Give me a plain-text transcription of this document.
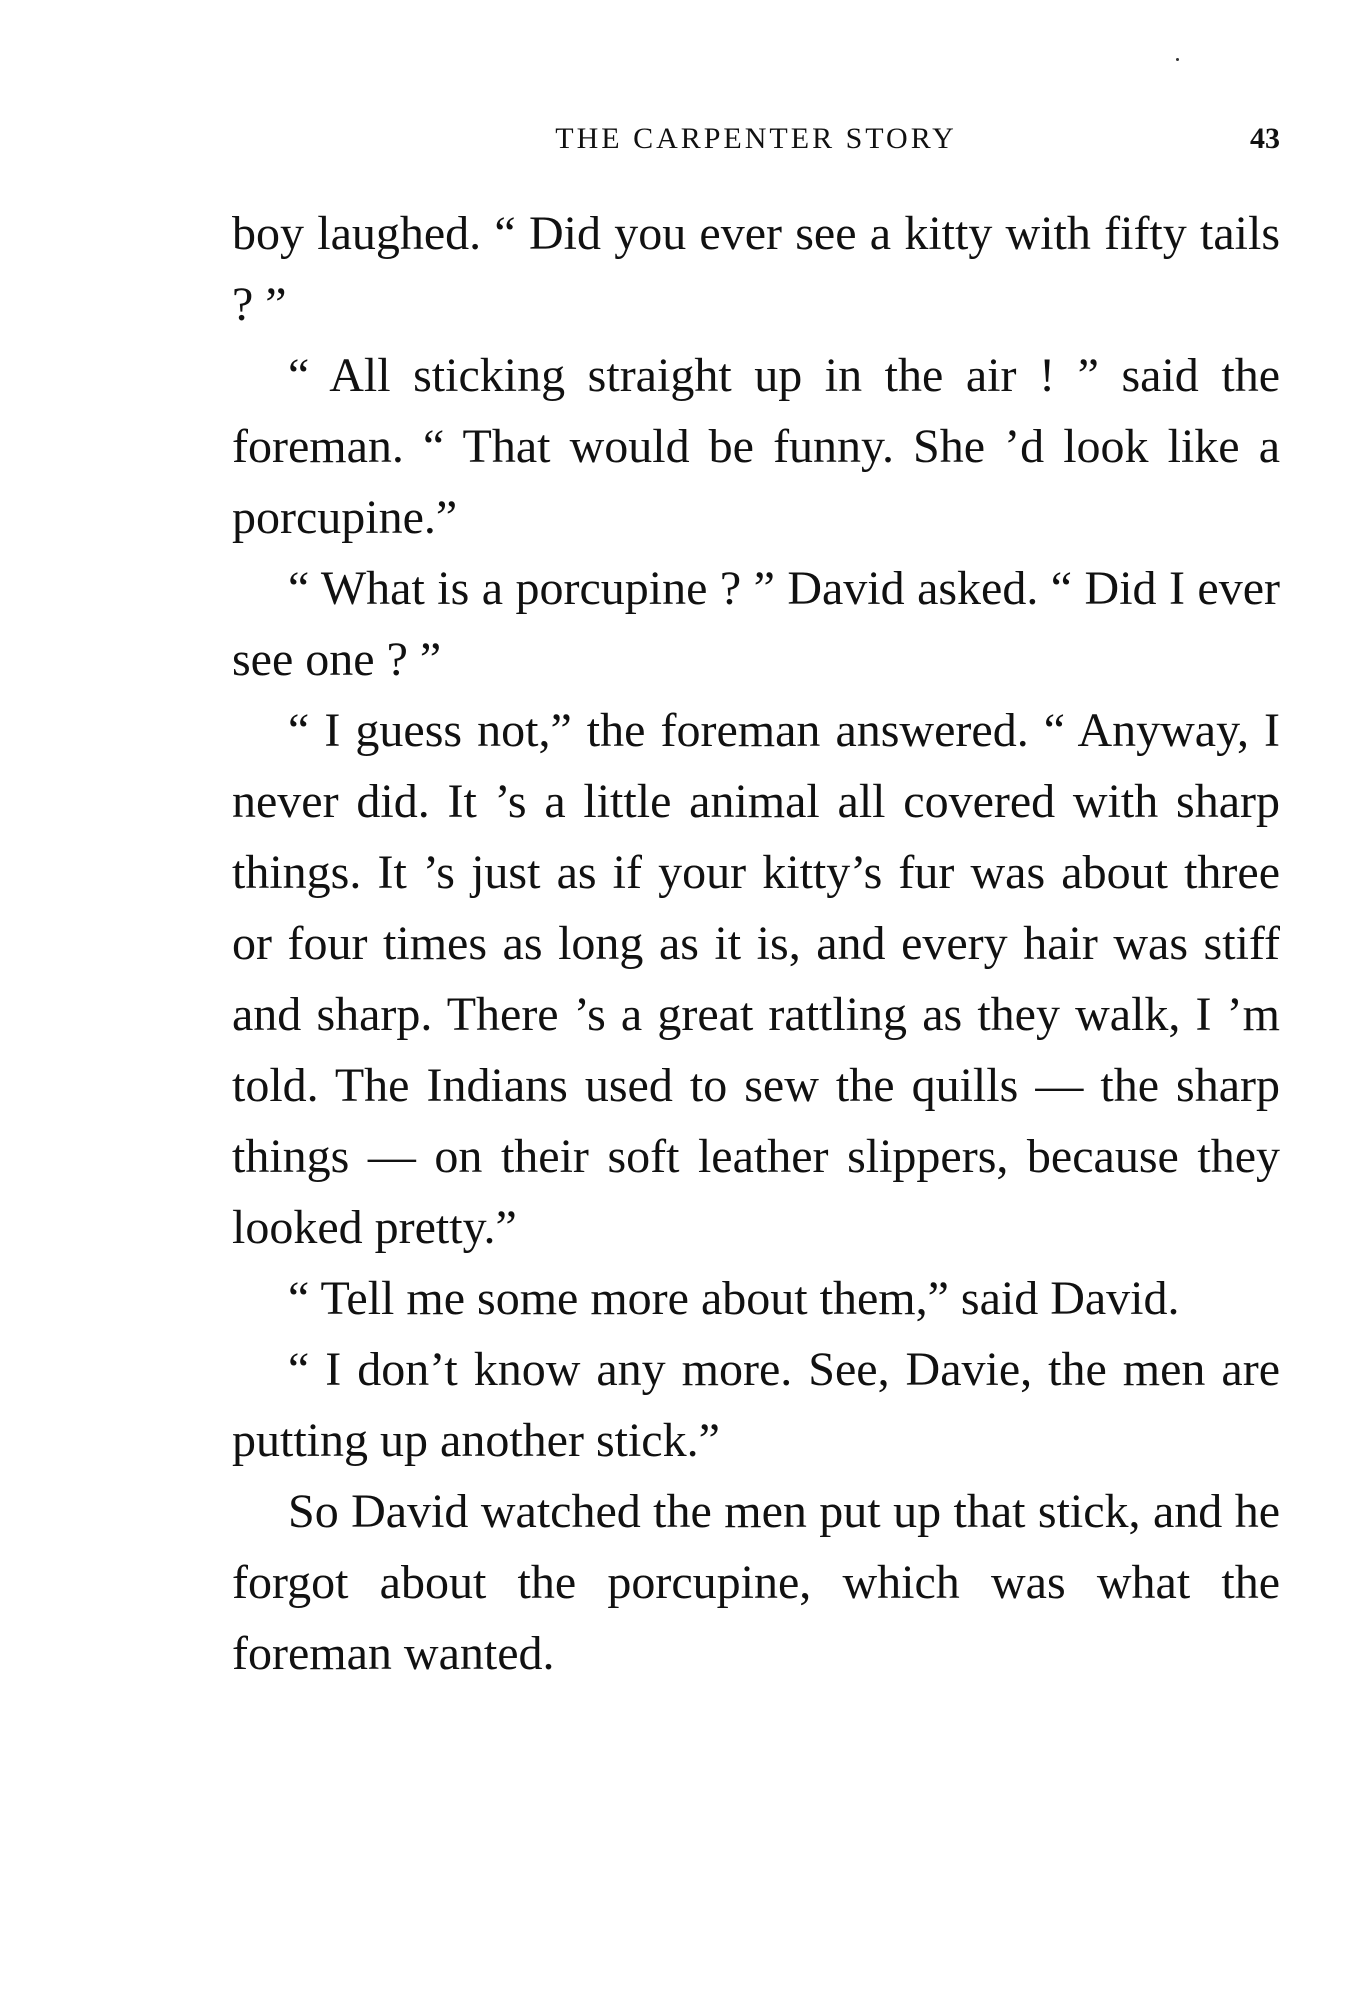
THE CARPENTER STORY	43

boy laughed. “ Did you ever see a kitty with fifty tails ? ”

“ All sticking straight up in the air ! ” said the foreman. “ That would be funny. She ’d look like a porcupine.”

“ What is a porcupine ? ” David asked. “ Did I ever see one ? ”

“ I guess not,” the foreman answered. “ Anyway, I never did. It ’s a little animal all covered with sharp things. It ’s just as if your kitty’s fur was about three or four times as long as it is, and every hair was stiff and sharp. There ’s a great rattling as they walk, I ’m told. The Indians used to sew the quills — the sharp things — on their soft leather slippers, because they looked pretty.”

“ Tell me some more about them,” said David.

“ I don’t know any more. See, Davie, the men are putting up another stick.”

So David watched the men put up that stick, and he forgot about the porcupine, which was what the foreman wanted.
